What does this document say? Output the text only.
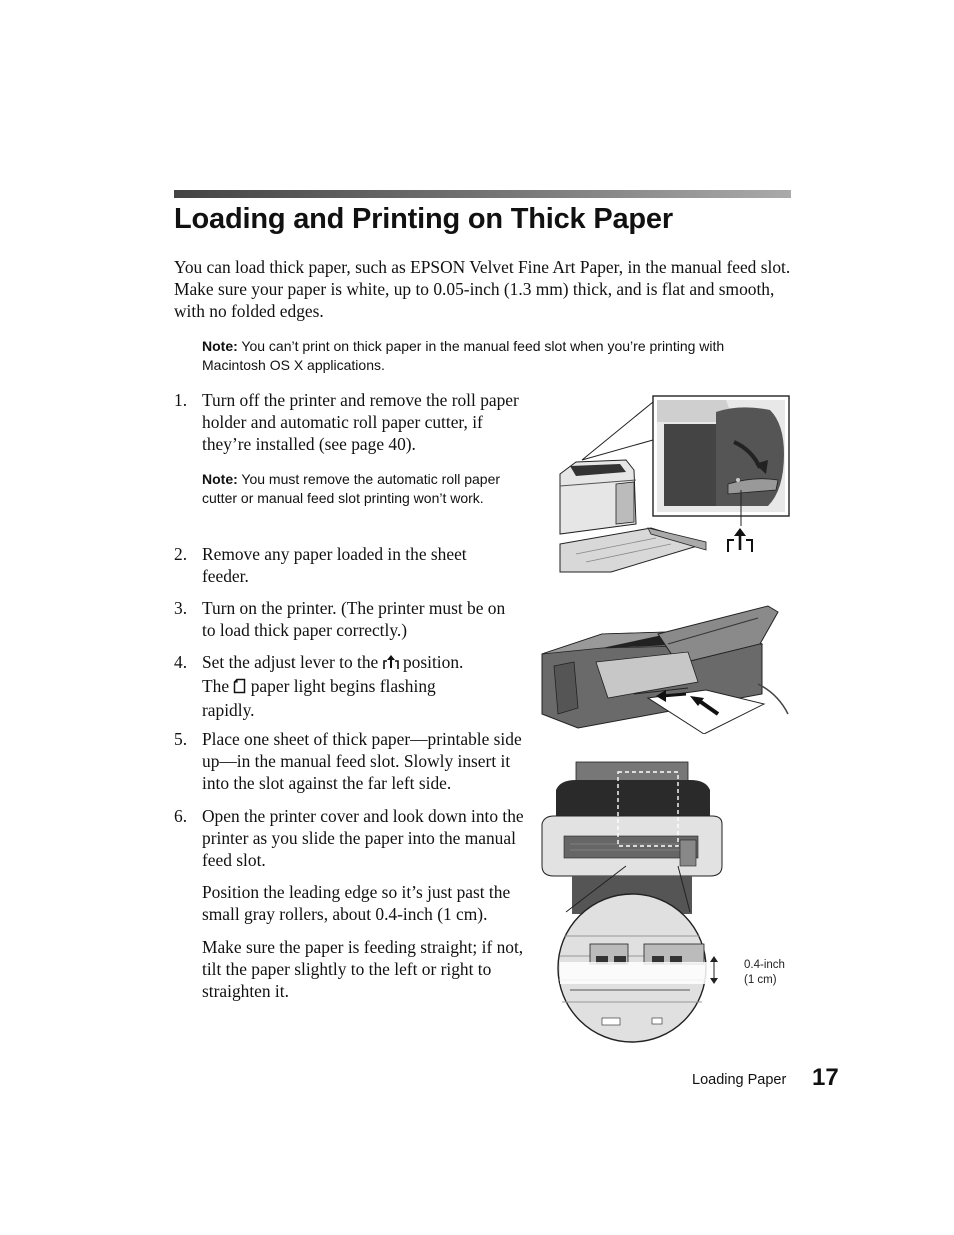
Loading and Printing on Thick Paper

You can load thick paper, such as EPSON Velvet Fine Art Paper, in the manual feed slot. Make sure your paper is white, up to 0.05-inch (1.3 mm) thick, and is flat and smooth, with no folded edges.

Note: You can’t print on thick paper in the manual feed slot when you’re printing with Macintosh OS X applications.

1. Turn off the printer and remove the roll paper holder and automatic roll paper cutter, if they’re installed (see page 40).

Note: You must remove the automatic roll paper cutter or manual feed slot printing won’t work.

2. Remove any paper loaded in the sheet feeder.
3. Turn on the printer. (The printer must be on to load thick paper correctly.)
4. Set the adjust lever to the  position.
The  paper light begins flashing rapidly.
5. Place one sheet of thick paper—printable side up—in the manual feed slot. Slowly insert it into the slot against the far left side.
6. Open the printer cover and look down into the printer as you slide the paper into the manual feed slot.

Position the leading edge so it’s just past the small gray rollers, about 0.4-inch (1 cm).

Make sure the paper is feeding straight; if not, tilt the paper slightly to the left or right to straighten it.

0.4-inch
(1 cm)
Loading Paper 17
